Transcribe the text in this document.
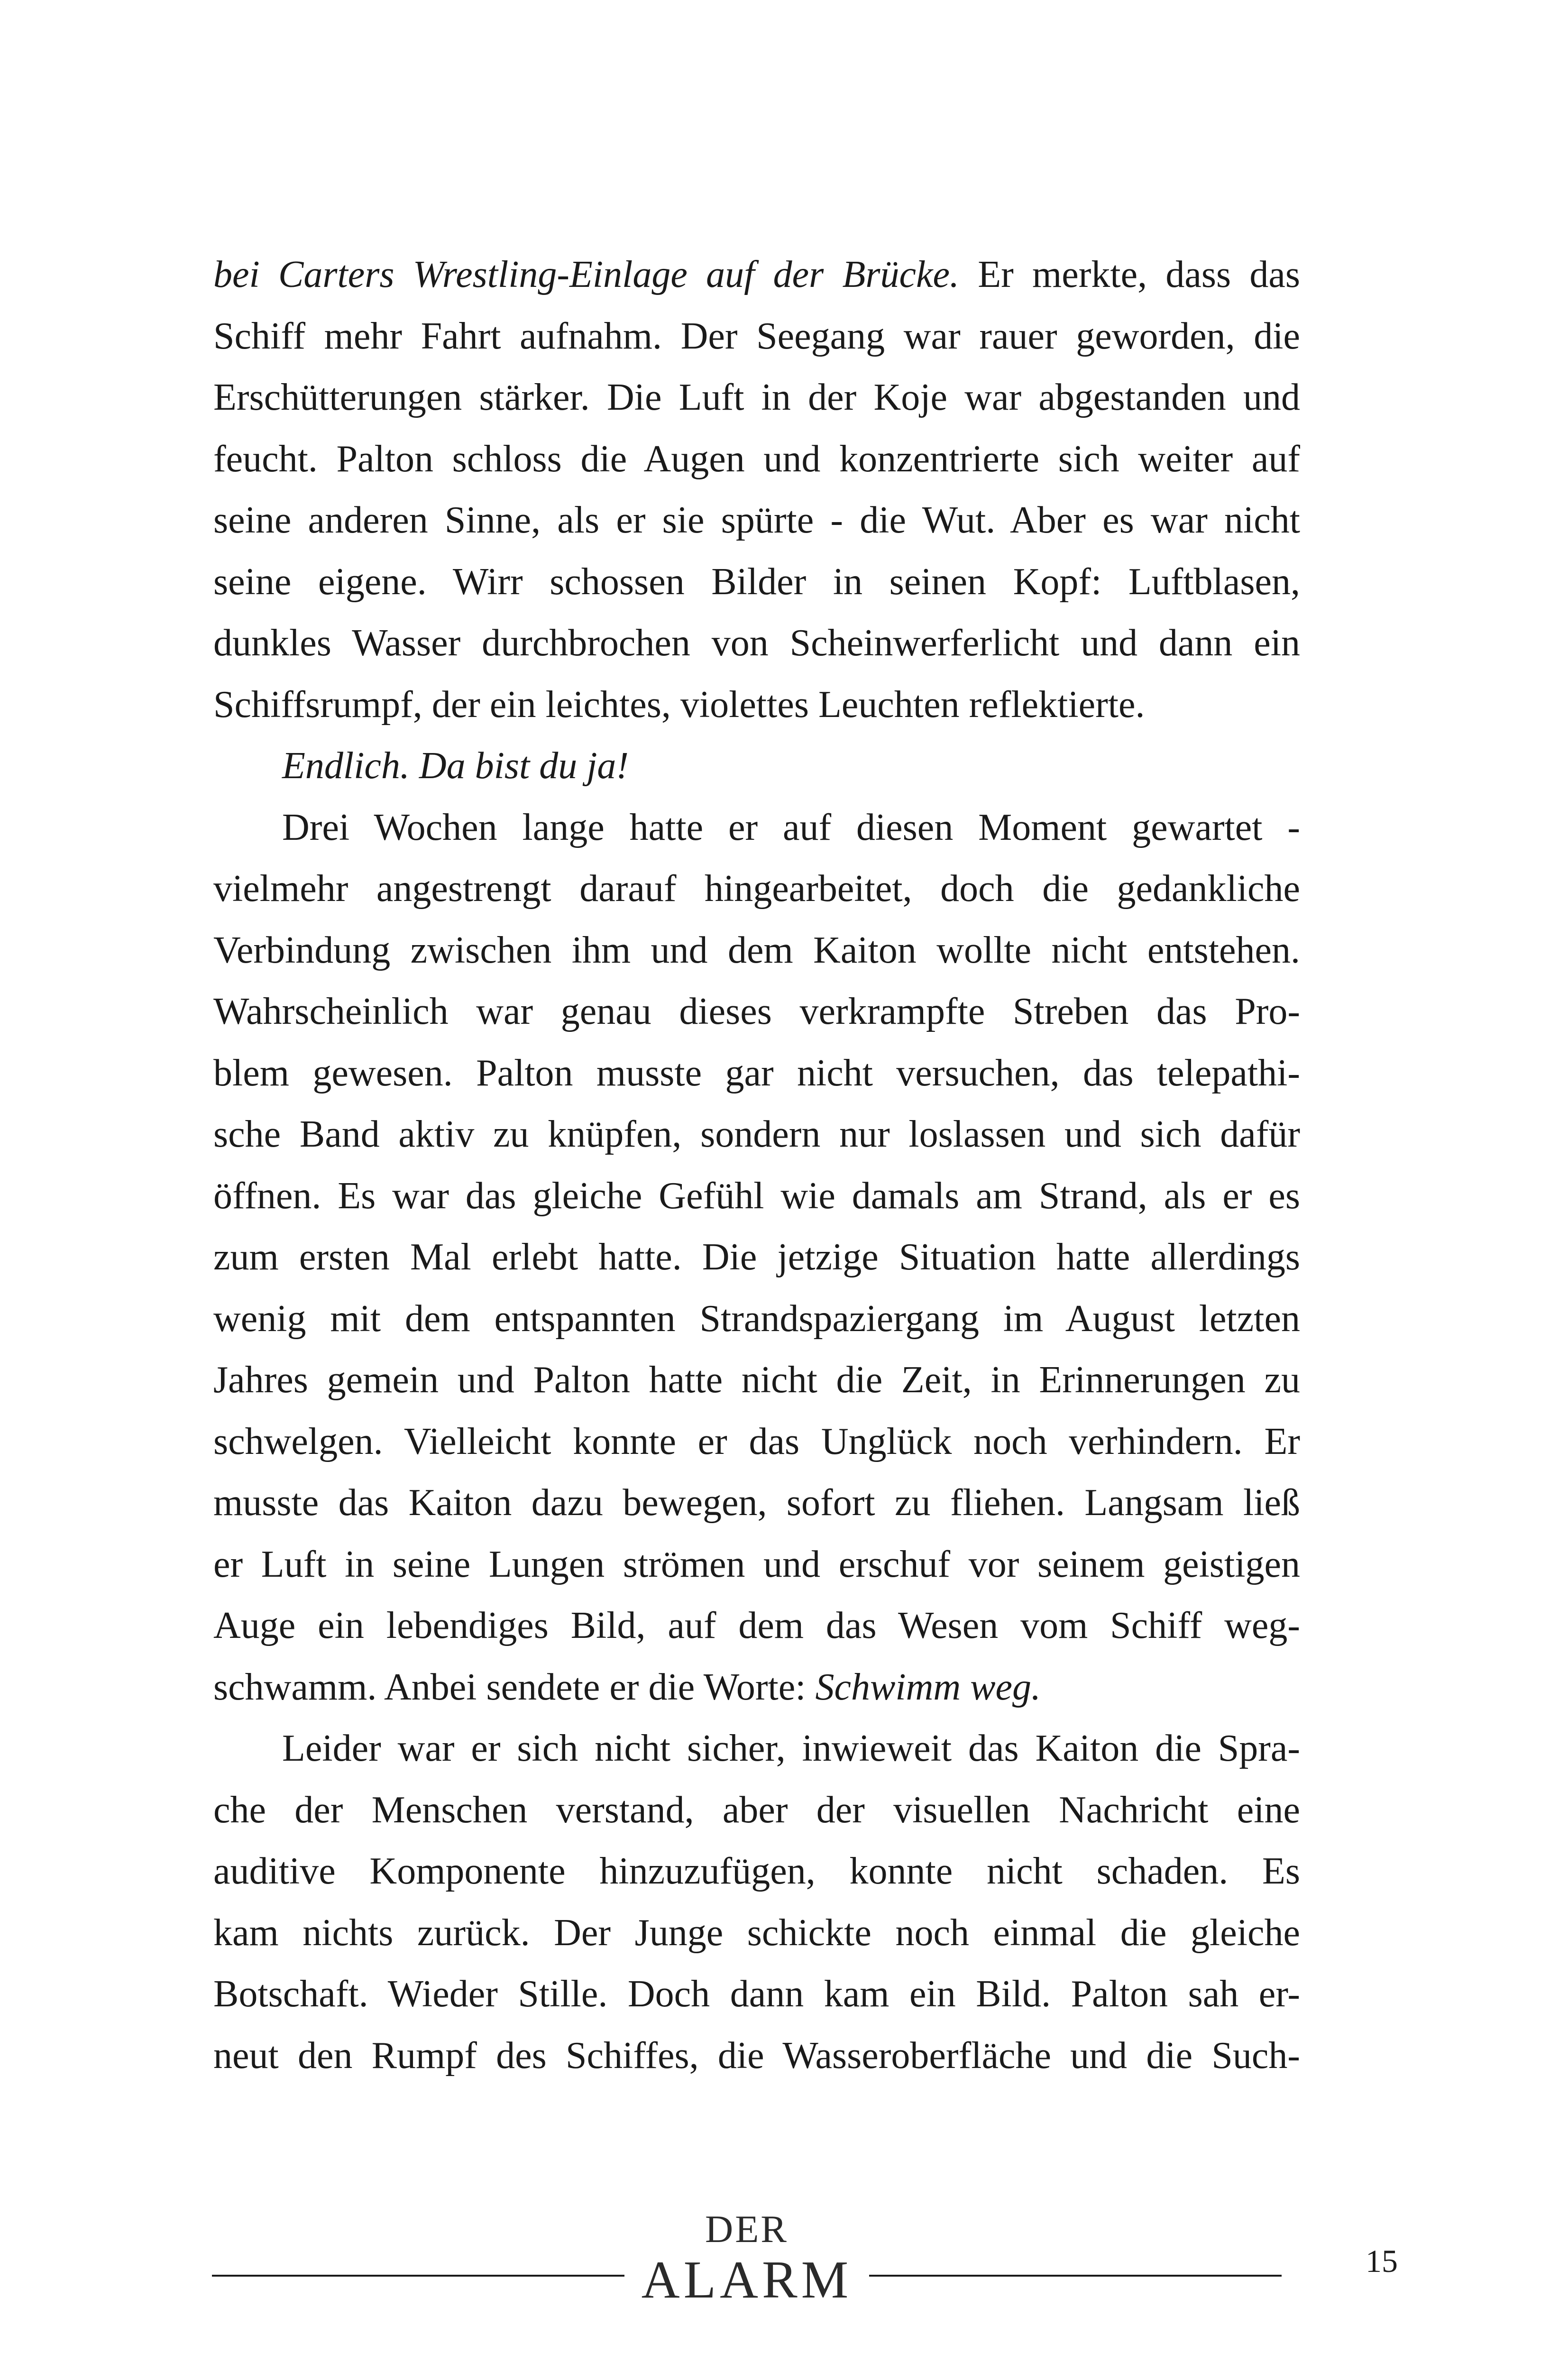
bei Carters Wrestling-Einlage auf der Brücke. Er merkte, dass das
Schiff mehr Fahrt aufnahm. Der Seegang war rauer geworden, die
Erschütterungen stärker. Die Luft in der Koje war abgestanden und
feucht. Palton schloss die Augen und konzentrierte sich weiter auf
seine anderen Sinne, als er sie spürte - die Wut. Aber es war nicht
seine eigene. Wirr schossen Bilder in seinen Kopf: Luftblasen,
dunkles Wasser durchbrochen von Scheinwerferlicht und dann ein
Schiffsrumpf, der ein leichtes, violettes Leuchten reflektierte.
Endlich. Da bist du ja!
Drei Wochen lange hatte er auf diesen Moment gewartet -
vielmehr angestrengt darauf hingearbeitet, doch die gedankliche
Verbindung zwischen ihm und dem Kaiton wollte nicht entstehen.
Wahrscheinlich war genau dieses verkrampfte Streben das Pro-
blem gewesen. Palton musste gar nicht versuchen, das telepathi-
sche Band aktiv zu knüpfen, sondern nur loslassen und sich dafür
öffnen. Es war das gleiche Gefühl wie damals am Strand, als er es
zum ersten Mal erlebt hatte. Die jetzige Situation hatte allerdings
wenig mit dem entspannten Strandspaziergang im August letzten
Jahres gemein und Palton hatte nicht die Zeit, in Erinnerungen zu
schwelgen. Vielleicht konnte er das Unglück noch verhindern. Er
musste das Kaiton dazu bewegen, sofort zu fliehen. Langsam ließ
er Luft in seine Lungen strömen und erschuf vor seinem geistigen
Auge ein lebendiges Bild, auf dem das Wesen vom Schiff weg-
schwamm. Anbei sendete er die Worte: Schwimm weg.
Leider war er sich nicht sicher, inwieweit das Kaiton die Spra-
che der Menschen verstand, aber der visuellen Nachricht eine
auditive Komponente hinzuzufügen, konnte nicht schaden. Es
kam nichts zurück. Der Junge schickte noch einmal die gleiche
Botschaft. Wieder Stille. Doch dann kam ein Bild. Palton sah er-
neut den Rumpf des Schiffes, die Wasseroberfläche und die Such-
DER
ALARM	15
